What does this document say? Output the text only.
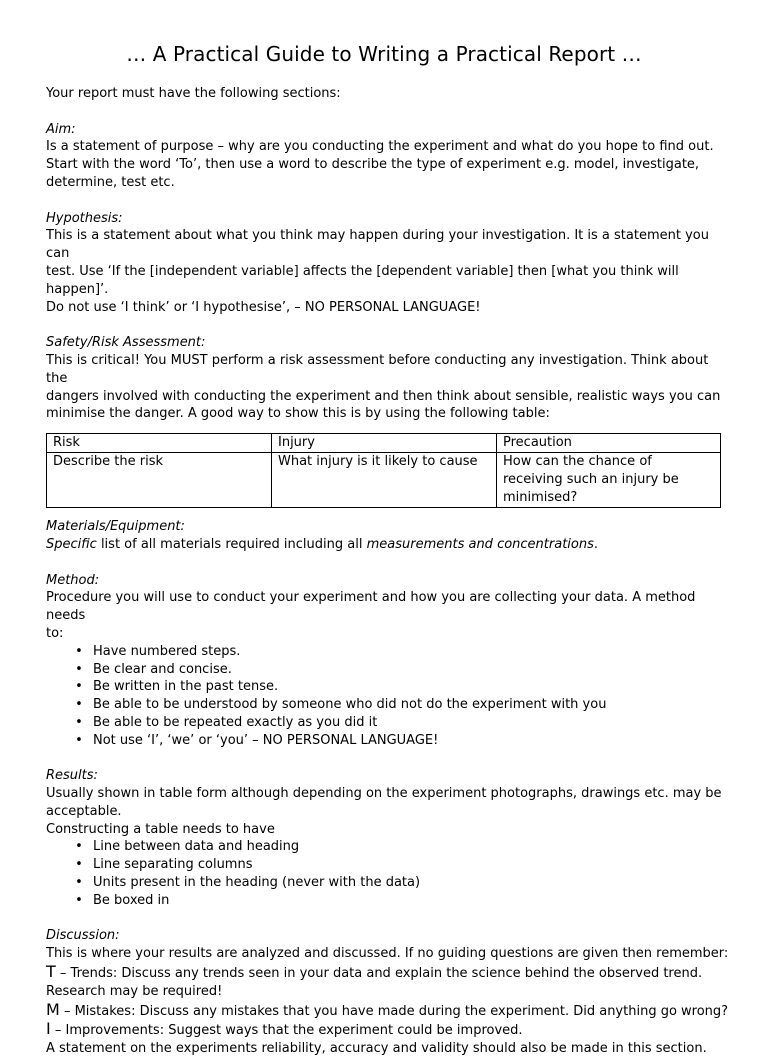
… A Practical Guide to Writing a Practical Report …

Your report must have the following sections:

Aim:

Is a statement of purpose – why are you conducting the experiment and what do you hope to find out.

Start with the word ‘To’, then use a word to describe the type of experiment e.g. model, investigate,

determine, test etc.

Hypothesis:

This is a statement about what you think may happen during your investigation. It is a statement you can

test. Use ‘If the [independent variable] affects the [dependent variable] then [what you think will happen]’.

Do not use ‘I think’ or ‘I hypothesise’, – NO PERSONAL LANGUAGE!

Safety/Risk Assessment:

This is critical! You MUST perform a risk assessment before conducting any investigation. Think about the

dangers involved with conducting the experiment and then think about sensible, realistic ways you can

minimise the danger. A good way to show this is by using the following table:

Risk	Injury	Precaution
Describe the risk	What injury is it likely to cause	How can the chance of receiving such an injury be minimised?

Materials/Equipment:

Specific list of all materials required including all measurements and concentrations.

Method:

Procedure you will use to conduct your experiment and how you are collecting your data. A method needs

to:

• Have numbered steps.
• Be clear and concise.
• Be written in the past tense.
• Be able to be understood by someone who did not do the experiment with you
• Be able to be repeated exactly as you did it
• Not use ‘I’, ‘we’ or ‘you’ – NO PERSONAL LANGUAGE!

Results:

Usually shown in table form although depending on the experiment photographs, drawings etc. may be

acceptable.

Constructing a table needs to have

• Line between data and heading
• Line separating columns
• Units present in the heading (never with the data)
• Be boxed in

Discussion:

This is where your results are analyzed and discussed. If no guiding questions are given then remember:

T – Trends: Discuss any trends seen in your data and explain the science behind the observed trend.

Research may be required!

M – Mistakes: Discuss any mistakes that you have made during the experiment. Did anything go wrong?

I – Improvements: Suggest ways that the experiment could be improved.

A statement on the experiments reliability, accuracy and validity should also be made in this section.
